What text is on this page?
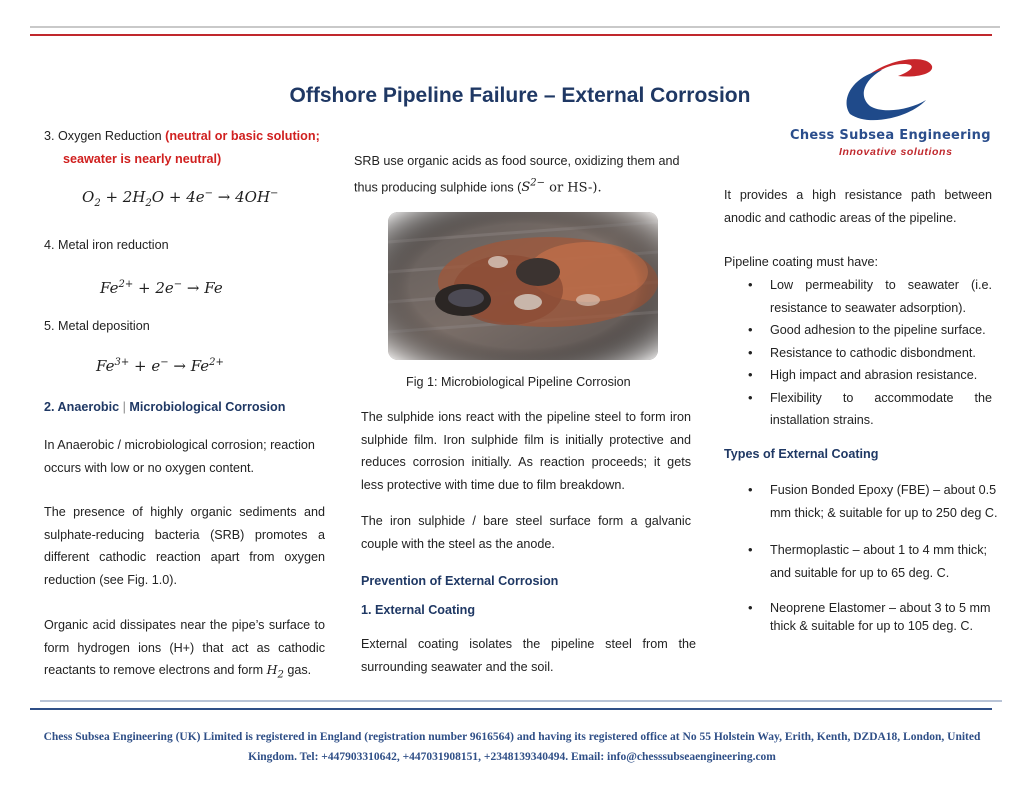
Offshore Pipeline Failure – External Corrosion
Chess Subsea Engineering
Innovative solutions
3. Oxygen Reduction (neutral or basic solution;
seawater is nearly neutral)
$O_2 + 2H_2O + 4e^- \to 4OH^-$
4. Metal iron reduction
$Fe^{2+} + 2e^- \to Fe$
5. Metal deposition
$Fe^{3+} + e^- \to Fe^{2+}$
2. Anaerobic | Microbiological Corrosion
In Anaerobic / microbiological corrosion; reaction occurs with low or no oxygen content.
The presence of highly organic sediments and sulphate-reducing bacteria (SRB) promotes a different cathodic reaction apart from oxygen reduction (see Fig. 1.0).
Organic acid dissipates near the pipe’s surface to form hydrogen ions (H+) that act as cathodic reactants to remove electrons and form $H_2$ gas.
SRB use organic acids as food source, oxidizing them and thus producing sulphide ions ($S^{2-}$ or HS-).
Fig 1: Microbiological Pipeline Corrosion
The sulphide ions react with the pipeline steel to form iron sulphide film. Iron sulphide film is initially protective and reduces corrosion initially. As reaction proceeds; it gets less protective with time due to film breakdown.
The iron sulphide / bare steel surface form a galvanic couple with the steel as the anode.
Prevention of External Corrosion
1. External Coating
External coating isolates the pipeline steel from the surrounding seawater and the soil.
It provides a high resistance path between anodic and cathodic areas of the pipeline.
Pipeline coating must have:
• Low permeability to seawater (i.e. resistance to seawater adsorption).
• Good adhesion to the pipeline surface.
• Resistance to cathodic disbondment.
• High impact and abrasion resistance.
• Flexibility to accommodate the installation strains.
Types of External Coating
• Fusion Bonded Epoxy (FBE) – about 0.5 mm thick; & suitable for up to 250 deg C.
• Thermoplastic – about 1 to 4 mm thick; and suitable for up to 65 deg. C.
• Neoprene Elastomer – about 3 to 5 mm thick & suitable for up to 105 deg. C.
Chess Subsea Engineering (UK) Limited is registered in England (registration number 9616564) and having its registered office at No 55 Holstein Way, Erith, Kenth, DZDA18, London, United
Kingdom. Tel: +447903310642, +447031908151, +2348139340494. Email: info@chesssubseaengineering.com
